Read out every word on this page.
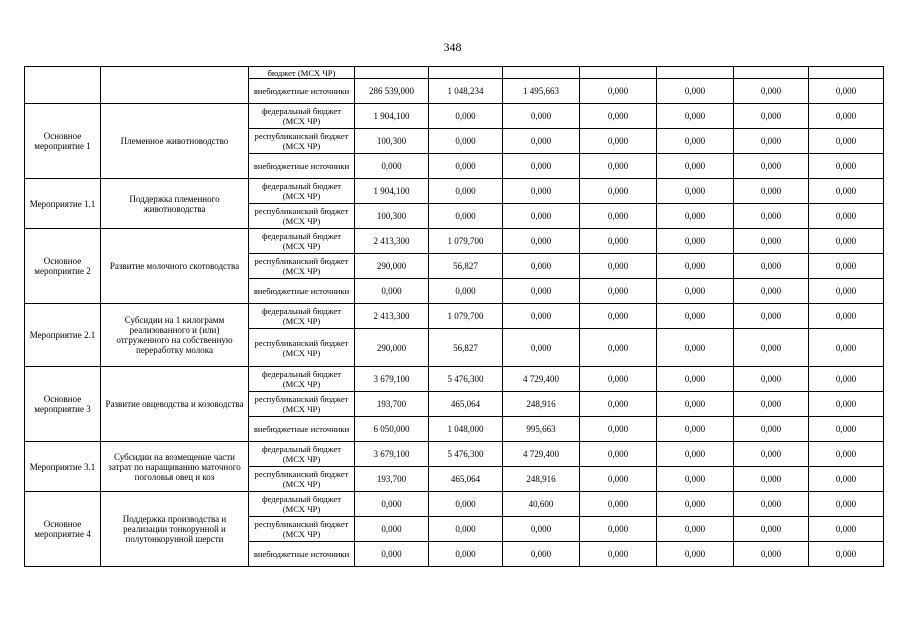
348
		бюджет (МСХ ЧР)							
		внебюджетные источники	286 539,000	1 048,234	1 495,663	0,000	0,000	0,000	0,000
Основное мероприятие 1	Племенное животноводство	федеральный бюджет (МСХ ЧР)	1 904,100	0,000	0,000	0,000	0,000	0,000	0,000
		республиканский бюджет (МСХ ЧР)	100,300	0,000	0,000	0,000	0,000	0,000	0,000
		внебюджетные источники	0,000	0,000	0,000	0,000	0,000	0,000	0,000
Мероприятие 1.1	Поддержка племенного животноводства	федеральный бюджет (МСХ ЧР)	1 904,100	0,000	0,000	0,000	0,000	0,000	0,000
		республиканский бюджет (МСХ ЧР)	100,300	0,000	0,000	0,000	0,000	0,000	0,000
Основное мероприятие 2	Развитие молочного скотоводства	федеральный бюджет (МСХ ЧР)	2 413,300	1 079,700	0,000	0,000	0,000	0,000	0,000
		республиканский бюджет (МСХ ЧР)	290,000	56,827	0,000	0,000	0,000	0,000	0,000
		внебюджетные источники	0,000	0,000	0,000	0,000	0,000	0,000	0,000
Мероприятие 2.1	Субсидии на 1 килограмм реализованного и (или) отгруженного на собственную переработку молока	федеральный бюджет (МСХ ЧР)	2 413,300	1 079,700	0,000	0,000	0,000	0,000	0,000
		республиканский бюджет (МСХ ЧР)	290,000	56,827	0,000	0,000	0,000	0,000	0,000
Основное мероприятие 3	Развитие овцеводства и козоводства	федеральный бюджет (МСХ ЧР)	3 679,100	5 476,300	4 729,400	0,000	0,000	0,000	0,000
		республиканский бюджет (МСХ ЧР)	193,700	465,064	248,916	0,000	0,000	0,000	0,000
		внебюджетные источники	6 050,000	1 048,000	995,663	0,000	0,000	0,000	0,000
Мероприятие 3.1	Субсидии на возмещение части затрат по наращиванию маточного поголовья овец и коз	федеральный бюджет (МСХ ЧР)	3 679,100	5 476,300	4 729,400	0,000	0,000	0,000	0,000
		республиканский бюджет (МСХ ЧР)	193,700	465,064	248,916	0,000	0,000	0,000	0,000
Основное мероприятие 4	Поддержка производства и реализации тонкорунной и полутонкорунной шерсти	федеральный бюджет (МСХ ЧР)	0,000	0,000	40,600	0,000	0,000	0,000	0,000
		республиканский бюджет (МСХ ЧР)	0,000	0,000	0,000	0,000	0,000	0,000	0,000
		внебюджетные источники	0,000	0,000	0,000	0,000	0,000	0,000	0,000
